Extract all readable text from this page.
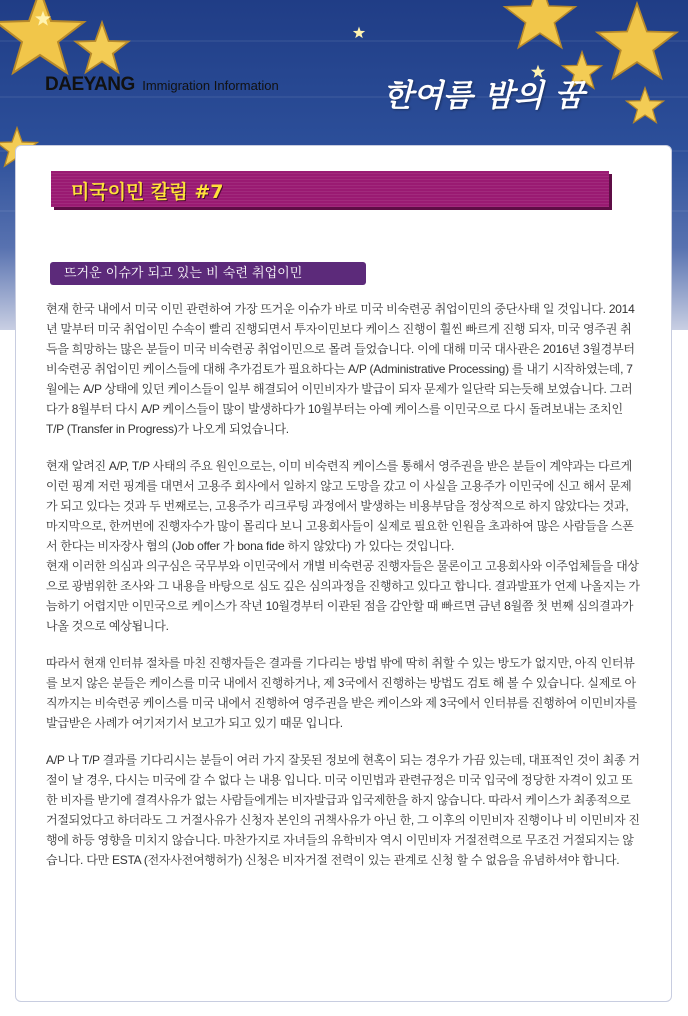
DAEYANG Immigration Information	한여름 밤의 꿈
미국이민 칼럼 #7
뜨거운 이슈가 되고 있는 비 숙련 취업이민

현재 한국 내에서 미국 이민 관련하여 가장 뜨거운 이슈가 바로 미국 비숙련공 취업이민의 중단사태 일 것입니다. 2014년 말부터 미국 취업이민 수속이 빨리 진행되면서 투자이민보다 케이스 진행이 훨씬 빠르게 진행 되자, 미국 영주권 취득을 희망하는 많은 분들이 미국 비숙련공 취업이민으로 몰려 들었습니다. 이에 대해 미국 대사관은 2016년 3월경부터 비숙련공 취업이민 케이스들에 대해 추가검토가 필요하다는 A/P (Administrative Processing) 를 내기 시작하였는데, 7월에는 A/P 상태에 있던 케이스들이 일부 해결되어 이민비자가 발급이 되자 문제가 일단락 되는듯해 보였습니다. 그러다가 8월부터 다시 A/P 케이스들이 많이 발생하다가 10월부터는 아예 케이스를 이민국으로 다시 돌려보내는 조치인 T/P (Transfer in Progress)가 나오게 되었습니다.

현재 알려진 A/P, T/P 사태의 주요 원인으로는, 이미 비숙련직 케이스를 통해서 영주권을 받은 분들이 계약과는 다르게 이런 핑계 저런 핑계를 대면서 고용주 회사에서 일하지 않고 도망을 갔고 이 사실을 고용주가 이민국에 신고 해서 문제가 되고 있다는 것과 두 번째로는, 고용주가 리크루팅 과정에서 발생하는 비용부담을 정상적으로 하지 않았다는 것과, 마지막으로, 한꺼번에 진행자수가 많이 몰리다 보니 고용회사들이 실제로 필요한 인원을 초과하여 많은 사람들을 스폰서 한다는 비자장사 혐의 (Job offer 가 bona fide 하지 않았다) 가 있다는 것입니다.

현재 이러한 의심과 의구심은 국무부와 이민국에서 개별 비숙련공 진행자들은 물론이고 고용회사와 이주업체들을 대상으로 광범위한 조사와 그 내용을 바탕으로 심도 깊은 심의과정을 진행하고 있다고 합니다. 결과발표가 언제 나올지는 가늠하기 어렵지만 이민국으로 케이스가 작년 10월경부터 이관된 점을 감안할 때 빠르면 금년 8월쯤 첫 번째 심의결과가 나올 것으로 예상됩니다.

따라서 현재 인터뷰 절차를 마친 진행자들은 결과를 기다리는 방법 밖에 딱히 취할 수 있는 방도가 없지만, 아직 인터뷰를 보지 않은 분들은 케이스를 미국 내에서 진행하거나, 제 3국에서 진행하는 방법도 검토 해 볼 수 있습니다. 실제로 아직까지는 비숙련공 케이스를 미국 내에서 진행하여 영주권을 받은 케이스와 제 3국에서 인터뷰를 진행하여 이민비자를 발급받은 사례가 여기저기서 보고가 되고 있기 때문 입니다.

A/P 나 T/P 결과를 기다리시는 분들이 여러 가지 잘못된 정보에 현혹이 되는 경우가 가끔 있는데, 대표적인 것이 최종 거절이 날 경우, 다시는 미국에 갈 수 없다 는 내용 입니다. 미국 이민법과 관련규정은 미국 입국에 정당한 자격이 있고 또한 비자를 받기에 결격사유가 없는 사람들에게는 비자발급과 입국제한을 하지 않습니다. 따라서 케이스가 최종적으로 거절되었다고 하더라도 그 거절사유가 신청자 본인의 귀책사유가 아닌 한, 그 이후의 이민비자 진행이나 비 이민비자 진행에 하등 영향을 미치지 않습니다. 마찬가지로 자녀들의 유학비자 역시 이민비자 거절전력으로 무조건 거절되지는 않습니다. 다만 ESTA (전자사전여행허가) 신청은 비자거절 전력이 있는 관계로 신청 할 수 없음을 유념하셔야 합니다.
